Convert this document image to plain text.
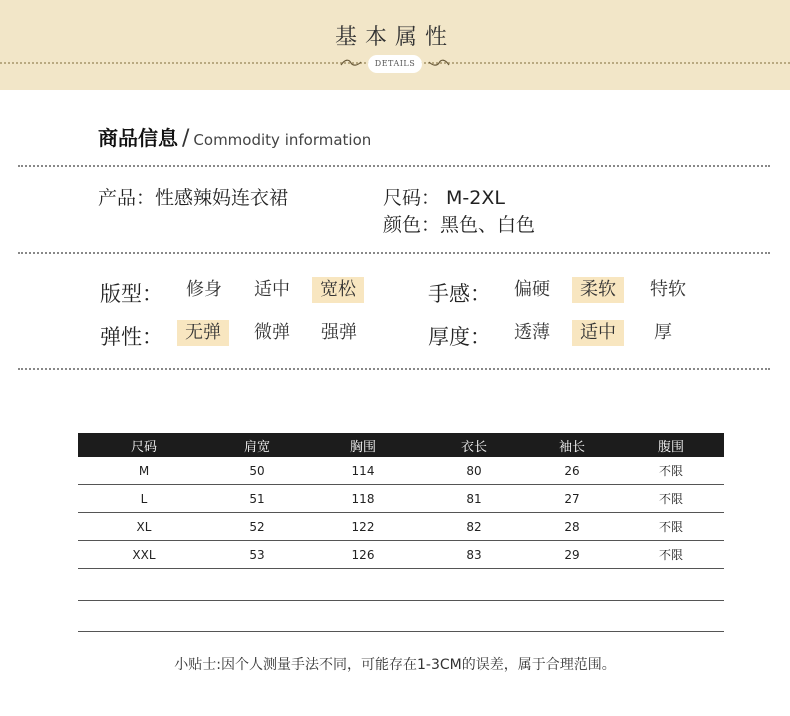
基本属性
DETAILS
商品信息 / Commodity information
产品：性感辣妈连衣裙	尺码： M-2XL
颜色：黑色、白色
版型：	修身	适中	宽松	手感：	偏硬	柔软	特软
弹性：	无弹	微弹	强弹	厚度：	透薄	适中	厚
尺码	肩宽	胸围	衣长	袖长	腹围
M	50	114	80	26	不限
L	51	118	81	27	不限
XL	52	122	82	28	不限
XXL	53	126	83	29	不限
小贴士:因个人测量手法不同，可能存在1-3CM的误差，属于合理范围。
